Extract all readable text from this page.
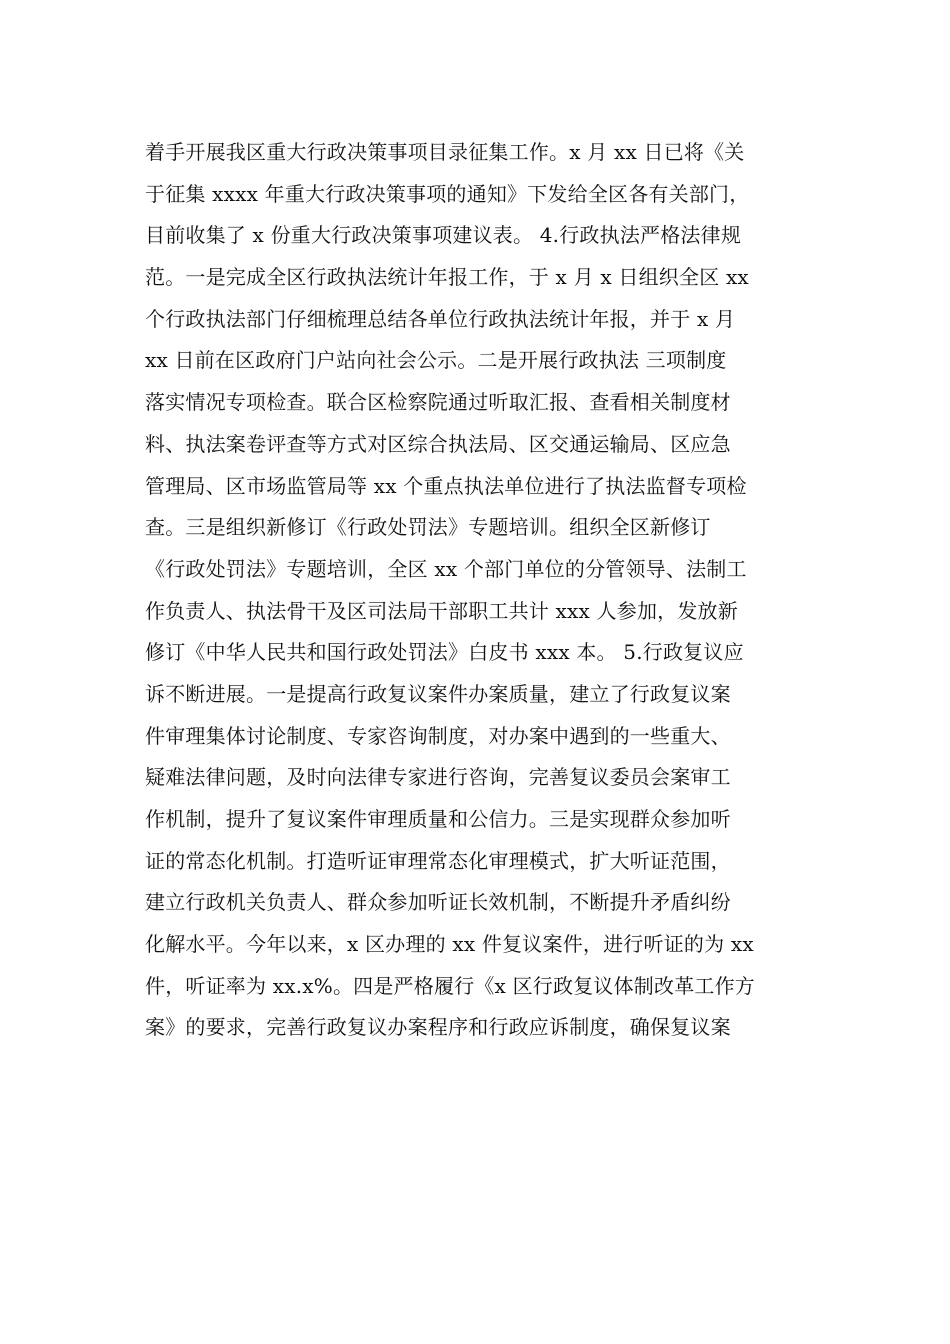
着手开展我区重大行政决策事项目录征集工作。x 月 xx 日已将《关
于征集 xxxx 年重大行政决策事项的通知》下发给全区各有关部门，
目前收集了 x 份重大行政决策事项建议表。 4.行政执法严格法律规
范。一是完成全区行政执法统计年报工作，于 x 月 x 日组织全区 xx
个行政执法部门仔细梳理总结各单位行政执法统计年报，并于 x 月
xx 日前在区政府门户站向社会公示。二是开展行政执法 三项制度
落实情况专项检查。联合区检察院通过听取汇报、查看相关制度材
料、执法案卷评查等方式对区综合执法局、区交通运输局、区应急
管理局、区市场监管局等 xx 个重点执法单位进行了执法监督专项检
查。三是组织新修订《行政处罚法》专题培训。组织全区新修订
《行政处罚法》专题培训，全区 xx 个部门单位的分管领导、法制工
作负责人、执法骨干及区司法局干部职工共计 xxx 人参加，发放新
修订《中华人民共和国行政处罚法》白皮书 xxx 本。 5.行政复议应
诉不断进展。一是提高行政复议案件办案质量，建立了行政复议案
件审理集体讨论制度、专家咨询制度，对办案中遇到的一些重大、
疑难法律问题，及时向法律专家进行咨询，完善复议委员会案审工
作机制，提升了复议案件审理质量和公信力。三是实现群众参加听
证的常态化机制。打造听证审理常态化审理模式，扩大听证范围，
建立行政机关负责人、群众参加听证长效机制，不断提升矛盾纠纷
化解水平。今年以来，x 区办理的 xx 件复议案件，进行听证的为 xx
件，听证率为 xx.x%。四是严格履行《x 区行政复议体制改革工作方
案》的要求，完善行政复议办案程序和行政应诉制度，确保复议案
